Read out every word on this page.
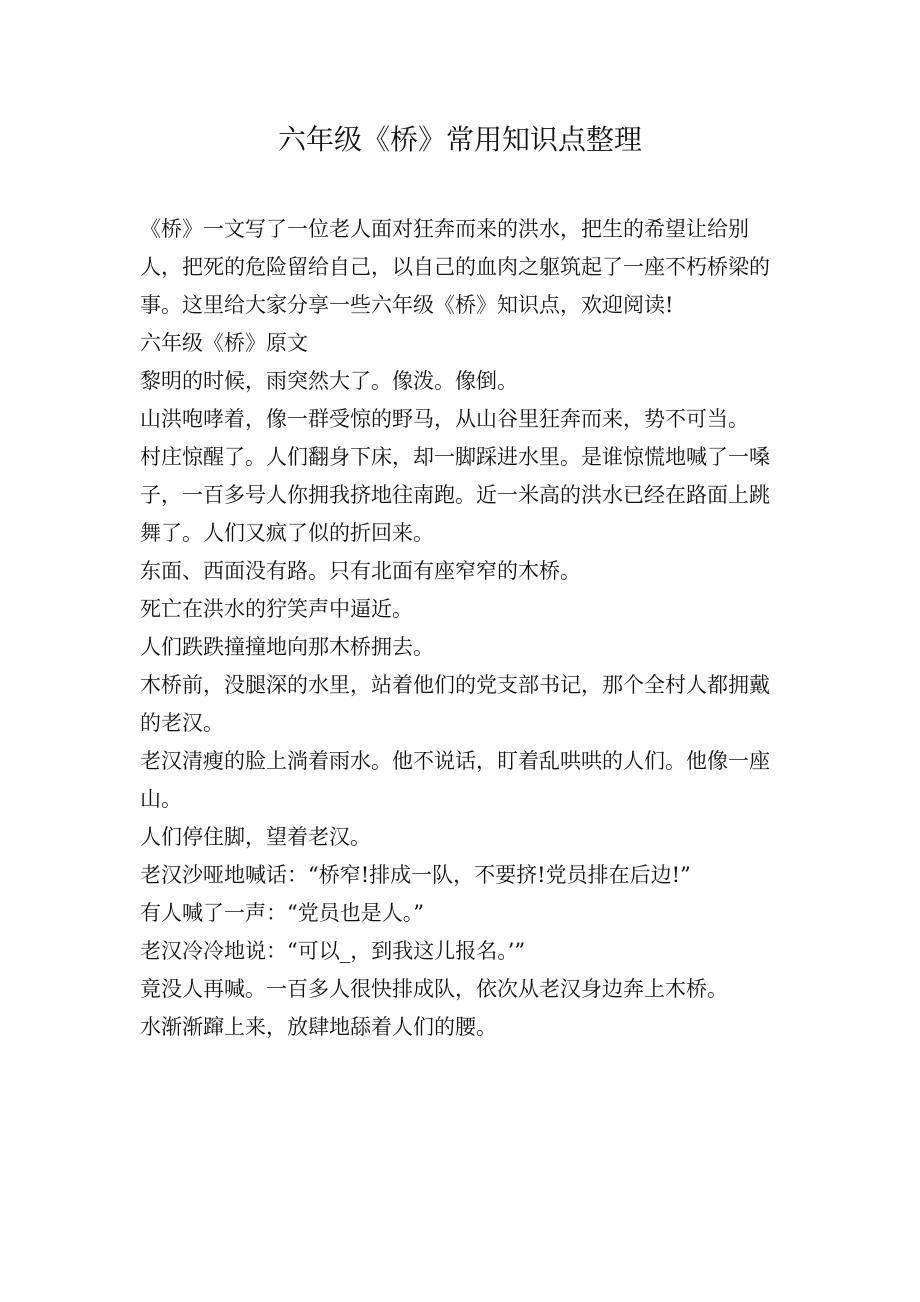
六年级《桥》常用知识点整理

《桥》一文写了一位老人面对狂奔而来的洪水，把生的希望让给别人，把死的危险留给自己，以自己的血肉之躯筑起了一座不朽桥梁的事。这里给大家分享一些六年级《桥》知识点，欢迎阅读!

六年级《桥》原文

黎明的时候，雨突然大了。像泼。像倒。

山洪咆哮着，像一群受惊的野马，从山谷里狂奔而来，势不可当。

村庄惊醒了。人们翻身下床，却一脚踩进水里。是谁惊慌地喊了一嗓子，一百多号人你拥我挤地往南跑。近一米高的洪水已经在路面上跳舞了。人们又疯了似的折回来。

东面、西面没有路。只有北面有座窄窄的木桥。

死亡在洪水的狞笑声中逼近。

人们跌跌撞撞地向那木桥拥去。

木桥前，没腿深的水里，站着他们的党支部书记，那个全村人都拥戴的老汉。

老汉清瘦的脸上淌着雨水。他不说话，盯着乱哄哄的人们。他像一座山。

人们停住脚，望着老汉。

老汉沙哑地喊话：“桥窄!排成一队，不要挤!党员排在后边!”

有人喊了一声：“党员也是人。”

老汉冷冷地说：“可以_，到我这儿报名。’”

竟没人再喊。一百多人很快排成队，依次从老汉身边奔上木桥。

水渐渐蹿上来，放肆地舔着人们的腰。
